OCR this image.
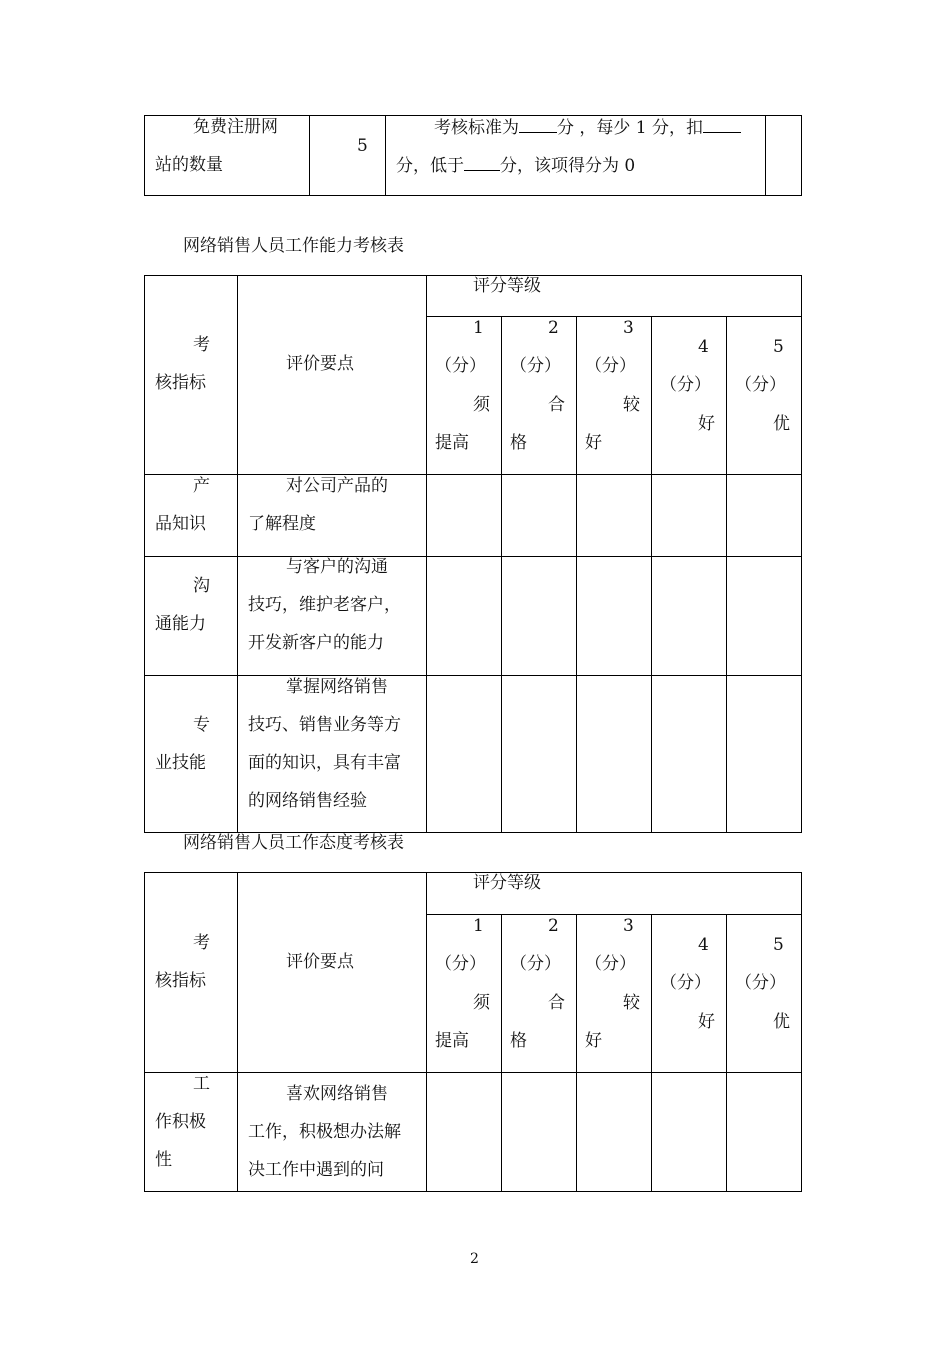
免费注册网
站的数量
5
考核标准为 分 ，每少 1 分，扣
分，低于 分，该项得分为 0
网络销售人员工作能力考核表
考
核指标
评价要点
评分等级
1
（分）
须
提高
2
（分）
合
格
3
（分）
较
好
4
（分）
好
5
（分）
优
产
品知识
对公司产品的
了解程度
沟
通能力
与客户的沟通
技巧，维护老客户，
开发新客户的能力
专
业技能
掌握网络销售
技巧、销售业务等方
面的知识，具有丰富
的网络销售经验
网络销售人员工作态度考核表
考
核指标
评价要点
评分等级
1
（分）
须
提高
2
（分）
合
格
3
（分）
较
好
4
（分）
好
5
（分）
优
工
作积极
性
喜欢网络销售
工作，积极想办法解
决工作中遇到的问
2
